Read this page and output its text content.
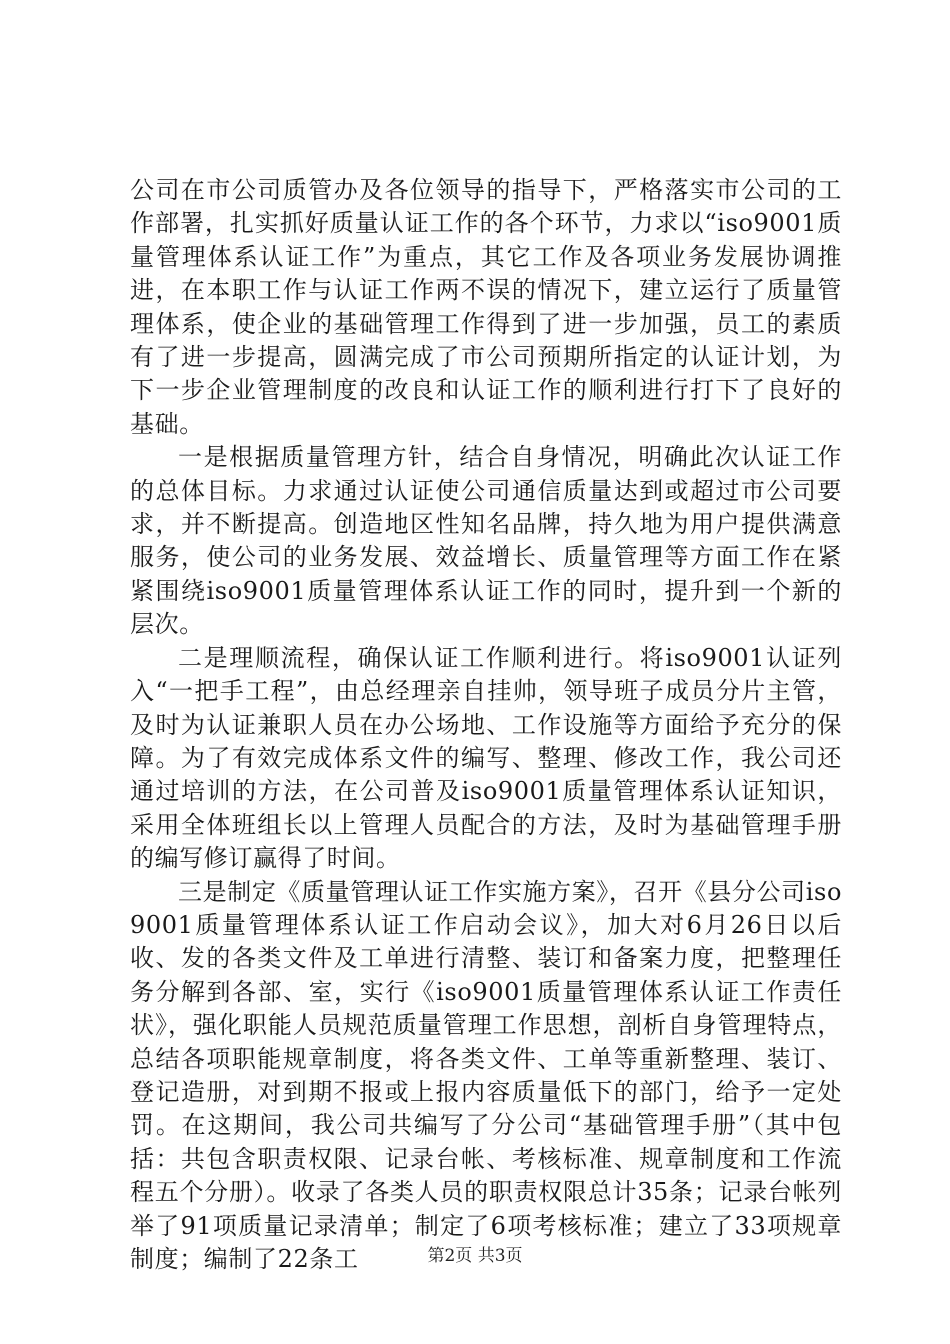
公司在市公司质管办及各位领导的指导下，严格落实市公司的工作部署，扎实抓好质量认证工作的各个环节，力求以“iso9001质量管理体系认证工作”为重点，其它工作及各项业务发展协调推进，在本职工作与认证工作两不误的情况下，建立运行了质量管理体系，使企业的基础管理工作得到了进一步加强，员工的素质有了进一步提高，圆满完成了市公司预期所指定的认证计划，为下一步企业管理制度的改良和认证工作的顺利进行打下了良好的基础。

一是根据质量管理方针，结合自身情况，明确此次认证工作的总体目标。力求通过认证使公司通信质量达到或超过市公司要求，并不断提高。创造地区性知名品牌，持久地为用户提供满意服务，使公司的业务发展、效益增长、质量管理等方面工作在紧紧围绕iso9001质量管理体系认证工作的同时，提升到一个新的层次。

二是理顺流程，确保认证工作顺利进行。将iso9001认证列入“一把手工程”，由总经理亲自挂帅，领导班子成员分片主管，及时为认证兼职人员在办公场地、工作设施等方面给予充分的保障。为了有效完成体系文件的编写、整理、修改工作，我公司还通过培训的方法，在公司普及iso9001质量管理体系认证知识，采用全体班组长以上管理人员配合的方法，及时为基础管理手册的编写修订赢得了时间。

三是制定《质量管理认证工作实施方案》，召开《县分公司iso9001质量管理体系认证工作启动会议》，加大对6月26日以后收、发的各类文件及工单进行清整、装订和备案力度，把整理任务分解到各部、室，实行《iso9001质量管理体系认证工作责任状》，强化职能人员规范质量管理工作思想，剖析自身管理特点，总结各项职能规章制度，将各类文件、工单等重新整理、装订、登记造册，对到期不报或上报内容质量低下的部门，给予一定处罚。在这期间，我公司共编写了分公司“基础管理手册”（其中包括：共包含职责权限、记录台帐、考核标准、规章制度和工作流程五个分册）。收录了各类人员的职责权限总计35条；记录台帐列举了91项质量记录清单；制定了6项考核标准；建立了33项规章制度；编制了22条工	第2页 共3页
